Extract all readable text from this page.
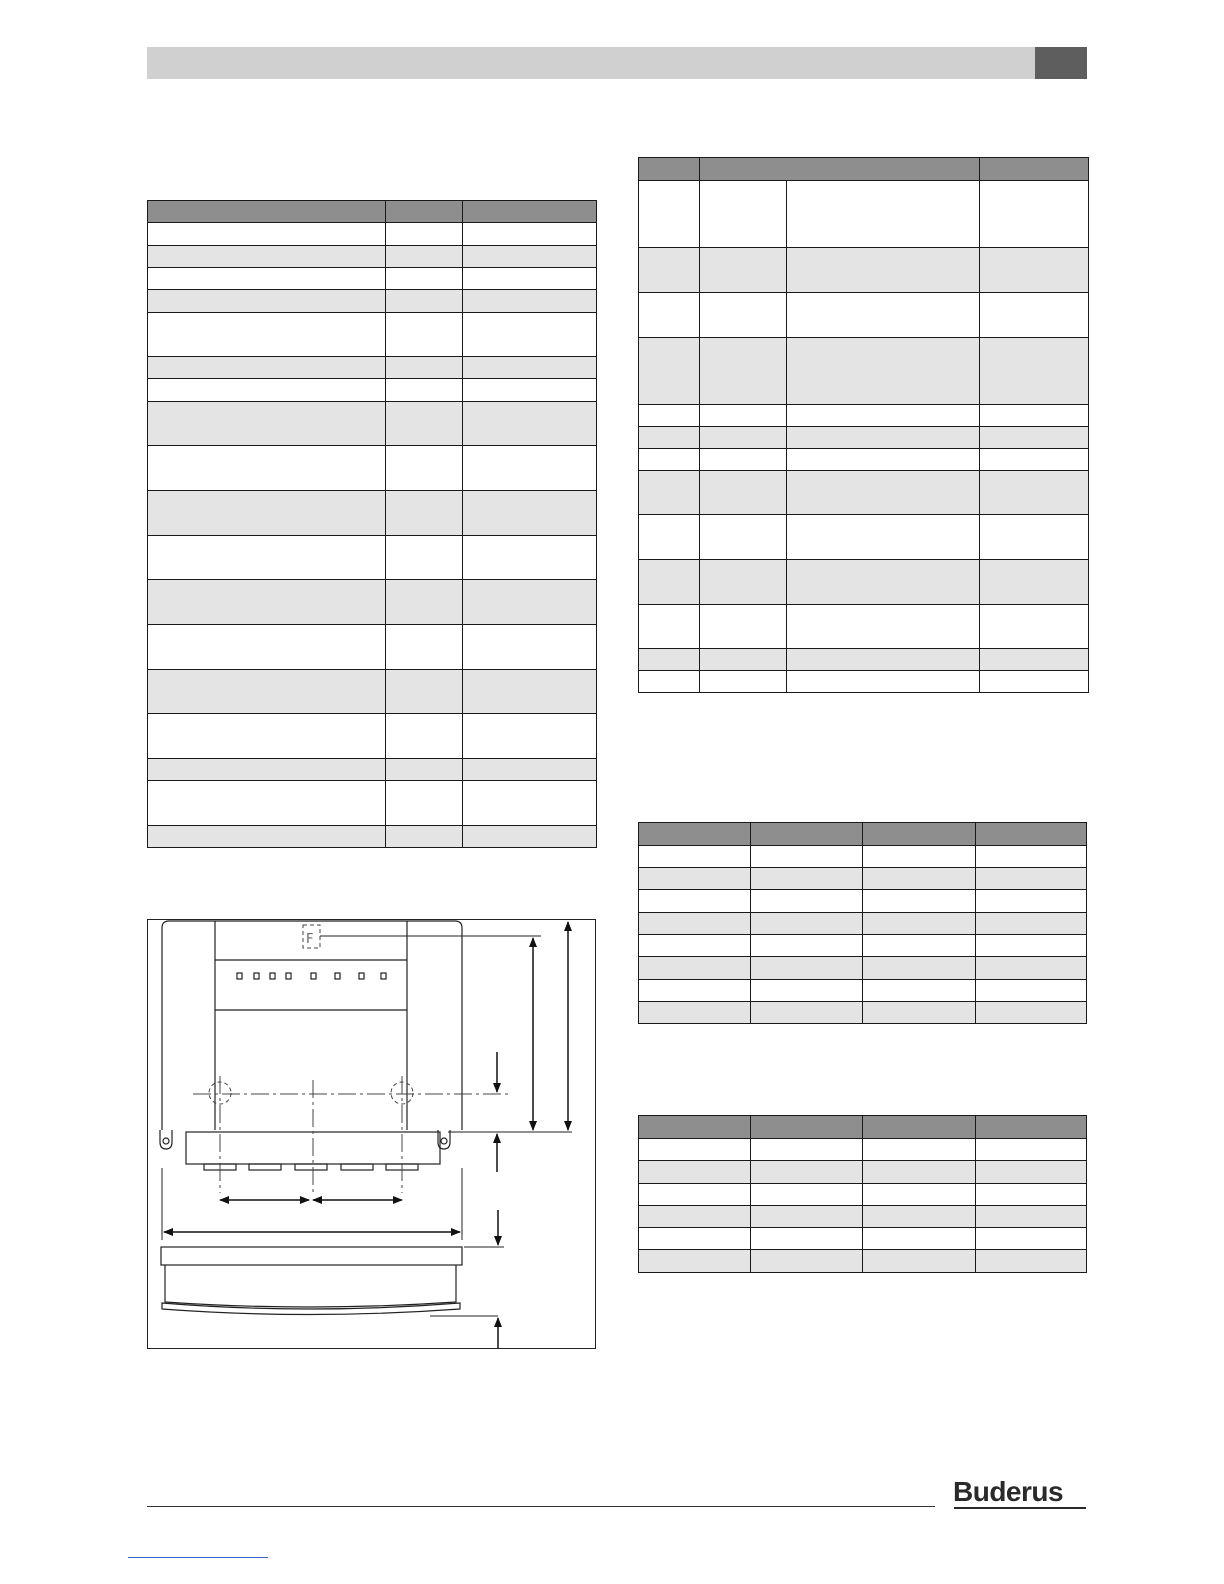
F
Buderus
